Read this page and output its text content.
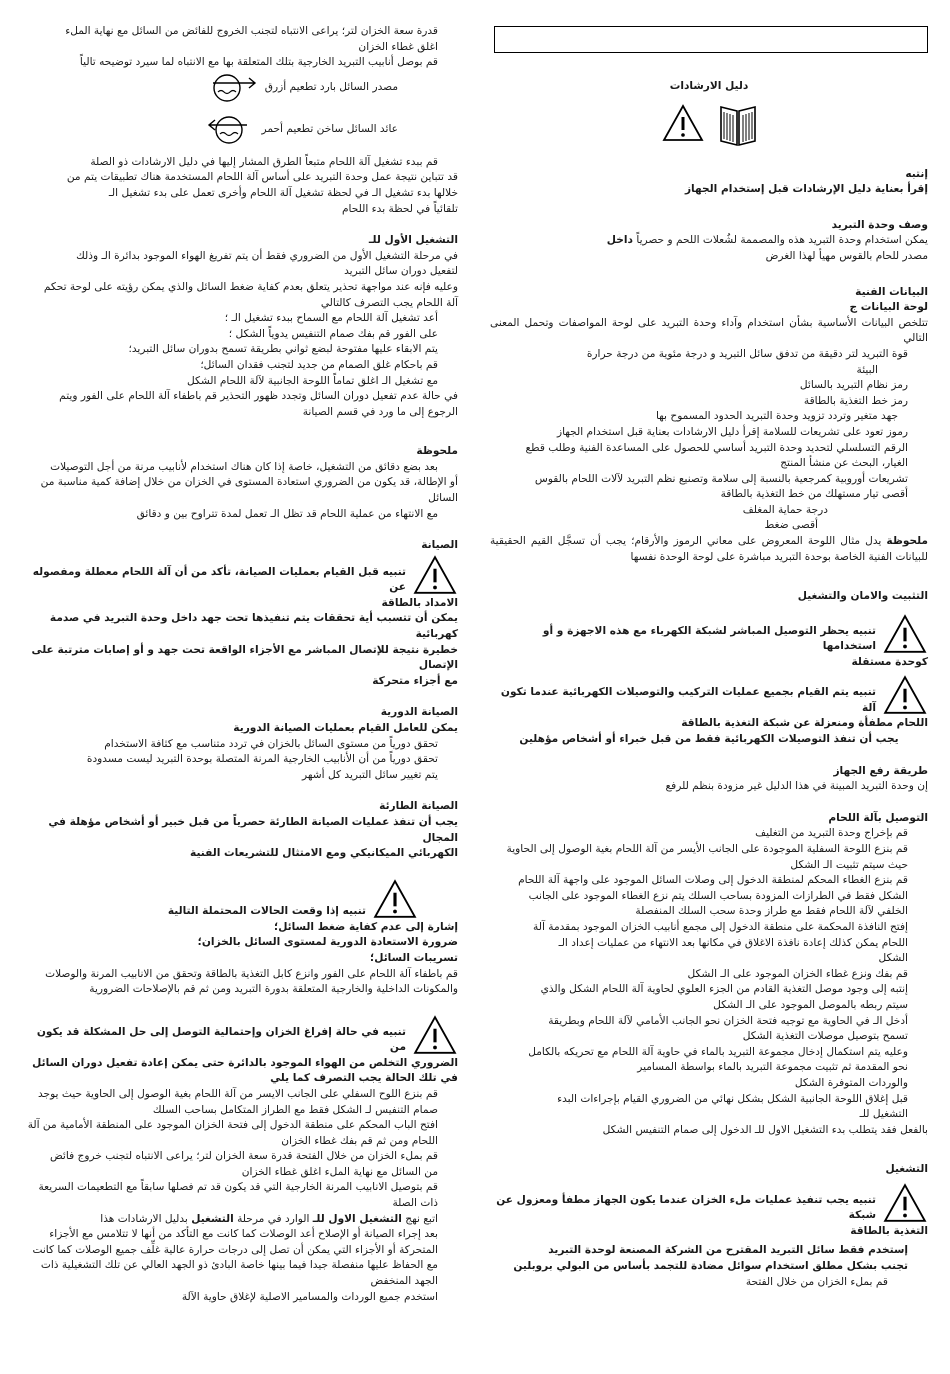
دليل الارشادات
إنتبه
إقرأ بعناية دليل الإرشادات قبل إستخدام الجهاز
وصف وحدة التبريد
يمكن استخدام وحدة التبريد هذه والمصممة لشُعلات اللحم و حصرياً داخل
مصدر للحام بالقوس مهيأ لهذا الغرض
البيانات الفنية
لوحة البيانات ج
تتلخص البيانات الأساسية بشأن استخدام وآداء وحدة التبريد على لوحة المواصفات وتحمل المعنى التالي
قوة التبريد لتر دقيقة من تدفق سائل التبريد و درجة مئوية من درجة حرارة
البيئة
رمز نظام التبريد بالسائل
رمز خط التغذية بالطاقة
جهد متغير وتردد تزويد وحدة التبريد الحدود المسموح بها
رموز تعود على تشريعات للسلامة إقرأ دليل الارشادات بعناية قبل استخدام الجهاز
الرقم التسلسلي لتحديد وحدة التبريد أساسي للحصول على المساعدة الفنية وطلب قطع
الغيار، البحث عن منشأ المنتج
تشريعات أوروبية كمرجعية بالنسبة إلى سلامة وتصنيع نظم التبريد لآلات اللحام بالقوس
أقصى تيار مستهلك من خط التغذية بالطاقة
درجة حماية المغلف
أقصى ضغط
ملحوظة يدل مثال اللوحة المعروض على معاني الرموز والأرقام؛ يجب أن تسجَّل القيم الحقيقية للبيانات الفنية الخاصة بوحدة التبريد مباشرة على لوحة الوحدة نفسها
التثبيت والامان والتشغيل
تنبيه يحظر التوصيل المباشر لشبكة الكهرباء مع هذه الاجهزة و أو استخدامها
كوحدة مستقلة
تنبيه يتم القيام بجميع عمليات التركيب والتوصيلات الكهربائية عندما تكون آلة
اللحام مطفأة ومنعزلة عن شبكة التغذية بالطاقة
يجب أن تنفذ التوصيلات الكهربائية فقط من قبل خبراء أو أشخاص مؤهلين
طريقة رفع الجهاز
إن وحدة التبريد المبينة في هذا الدليل غير مزودة بنظم للرفع
التوصيل بآلة اللحام
قم بإخراج وحدة التبريد من التغليف
قم بنزع اللوحة السفلية الموجودة على الجانب الأيسر من آلة اللحام بغية الوصول إلى الحاوية
حيث سيتم تثبيت الـ الشكل
قم بنزع الغطاء المحكم لمنطقة الدخول إلى وصلات السائل الموجود على واجهة آلة اللحام
الشكل فقط في الطرازات المزودة بساحب السلك يتم نزع الغطاء الموجود على الجانب
الخلفي لآلة اللحام فقط مع طراز وحدة سحب السلك المنفصلة
إفتح النافذة المحكمة على منطقة الدخول إلى مجمع أنابيب الخزان الموجود بمقدمة آلة
اللحام يمكن كذلك إعادة نافذة الاغلاق في مكانها بعد الانتهاء من عمليات إعداد الـ
الشكل
قم بفك ونزع غطاء الخزان الموجود على الـ الشكل
إنتبه إلى وجود موصل التغذية القادم من الجزء العلوي لحاوية آلة اللحام الشكل والذي
سيتم ربطه بالموصل الموجود على الـ الشكل
أدخل الـ في الحاوية مع توجيه فتحة الخزان نحو الجانب الأمامي لآلة اللحام وبطريقة
تسمح بتوصيل موصلات التغذية الشكل
وعليه يتم استكمال إدخال مجموعة التبريد بالماء في حاوية آلة اللحام مع تحريكه بالكامل
نحو المقدمة ثم تثبيت مجموعة التبريد بالماء بواسطة المسامير
والوردات المتوفرة الشكل
قبل إغلاق اللوحة الجانبية الشكل بشكل نهائي من الضروري القيام بإجراءات البدء
التشغيل للـ
بالفعل فقد يتطلب بدء التشغيل الاول للـ الدخول إلى صمام التنفيس الشكل
التشغيل
تنبيه يجب تنفيذ عمليات ملء الخزان عندما يكون الجهاز مطفأ ومعزول عن شبكة
التغذية بالطاقة
إستخدم فقط سائل التبريد المقترح من الشركة المصنعة لوحدة التبريد
تجنب بشكل مطلق استخدام سوائل مضادة للتجمد بأساس من البولي بروبلين
قم بملء الخزان من خلال الفتحة
قدرة سعة الخزان لتر؛ يراعى الانتباه لتجنب الخروج للفائض من السائل مع نهاية الملء
اغلق غطاء الخزان
قم بوصل أنابيب التبريد الخارجية بتلك المتعلقة بها مع الانتباه لما سيرد توضيحه تالياً
مصدر السائل بارد تطعيم أزرق
عائد السائل ساخن تطعيم أحمر
قم ببدء تشغيل آلة اللحام متبعاً الطرق المشار إليها في دليل الارشادات ذو الصلة
قد تتباين نتيجة عمل وحدة التبريد على أساس آلة اللحام المستخدمة هناك تطبيقات يتم من
خلالها بدء تشغيل الـ في لحظة تشغيل آلة اللحام وأخرى تعمل على بدء تشغيل الـ
تلقائياً في لحظة بدء اللحام
التشغيل الأول للـ
في مرحلة التشغيل الأول من الضروري فقط أن يتم تفريغ الهواء الموجود بدائرة الـ وذلك
لتفعيل دوران سائل التبريد
وعليه فإنه عند مواجهة تحذير يتعلق بعدم كفاية ضغط السائل والذي يمكن رؤيته على لوحة تحكم
آلة اللحام يجب التصرف كالتالي
أعد تشغيل آلة اللحام مع السماح ببدء تشغيل الـ ؛
على الفور قم بفك صمام التنفيس يدوياً الشكل ؛
يتم الابقاء عليها مفتوحة لبضع ثواني بطريقة تسمح بدوران سائل التبريد؛
قم باحكام غلق الصمام من جديد لتجنب فقدان السائل؛
مع تشغيل الـ اغلق تماماً اللوحة الجانبية لآلة اللحام الشكل
في حالة عدم تفعيل دوران السائل وتجدد ظهور التحذير قم باطفاء آلة اللحام على الفور ويتم
الرجوع إلى ما ورد في قسم الصيانة
ملحوظة
بعد بضع دقائق من التشغيل، خاصة إذا كان هناك استخدام لأنابيب مرنة من أجل التوصيلات
أو الإطالة، قد يكون من الضروري استعادة المستوى في الخزان من خلال إضافة كمية مناسبة من
السائل
مع الانتهاء من عملية اللحام قد تظل الـ تعمل لمدة تتراوح بين و دقائق
الصيانة
تنبيه قبل القيام بعمليات الصيانة، تأكد من أن آلة اللحام معطلة ومفصوله عن
الامداد بالطاقة
يمكن أن تتسبب أية تحققات يتم تنفيذها تحت جهد داخل وحدة التبريد في صدمة كهربائية
خطيرة نتيجة للإتصال المباشر مع الأجزاء الواقعة تحت جهد و أو إصابات مترتبة على الإتصال
مع أجزاء متحركة
الصيانة الدورية
يمكن للعامل القيام بعمليات الصيانة الدورية
تحقق دورياً من مستوى السائل بالخزان في تردد متناسب مع كثافة الاستخدام
تحقق دورياً من أن الأنابيب الخارجية المرنة المتصلة بوحدة التبريد ليست مسدودة
يتم تغيير سائل التبريد كل أشهر
الصيانة الطارئة
يجب أن تنفذ عمليات الصيانة الطارئة حصرياً من قبل خبير أو أشخاص مؤهلة في المجال
الكهربائي الميكانيكي ومع الامتثال للتشريعات الفنية
تنبيه إذا وقعت الحالات المحتملة التالية
إشارة إلى عدم كفاية ضغط السائل؛
ضرورة الاستعادة الدورية لمستوى السائل بالخزان؛
تسريبات السائل؛
قم باطفاء آلة اللحام على الفور وانزع كابل التغذية بالطاقة وتحقق من الانابيب المرنة والوصلات
والمكونات الداخلية والخارجية المتعلقة بدورة التبريد ومن ثم قم بالإصلاحات الضرورية
تنبيه في حالة إفراغ الخزان وإحتمالية التوصل إلى حل المشكلة قد يكون من
الضروري التخلص من الهواء الموجود بالدائرة حتى يمكن إعادة تفعيل دوران السائل
في تلك الحالة يجب التصرف كما يلي
قم بنزع اللوح السفلي على الجانب الايسر من آلة اللحام بغية الوصول إلى الحاوية حيث يوجد
صمام التنفيس لـ الشكل فقط مع الطراز المتكامل بساحب السلك
افتح الباب المحكم على منطقة الدخول إلى فتحة الخزان الموجود على المنطقة الأمامية من آلة
اللحام ومن ثم قم بفك غطاء الخزان
قم بملء الخزان من خلال الفتحة قدرة سعة الخزان لتر؛ يراعى الانتباه لتجنب خروج فائض
من السائل مع نهاية الملء اغلق غطاء الخزان
قم بتوصيل الانابيب المرنة الخارجية التي قد يكون قد تم فصلها سابقاً مع التطعيمات السريعة
ذات الصلة
اتبع نهج التشغيل الاول للـ الوارد في مرحلة التشغيل بدليل الارشادات هذا
بعد إجراء الصيانة أو الإصلاح أعد الوصلات كما كانت مع التأكد من أنها لا تتلامس مع الأجزاء
المتحركة أو الأجزاء التي يمكن أن تصل إلى درجات حرارة عالية غلِّف جميع الوصلات كما كانت
مع الحفاظ عليها منفصلة جيدا فيما بينها خاصة البادئ ذو الجهد العالي عن تلك التشغيلية ذات
الجهد المنخفض
استخدم جميع الوردات والمسامير الاصلية لإغلاق حاوية الآلة
